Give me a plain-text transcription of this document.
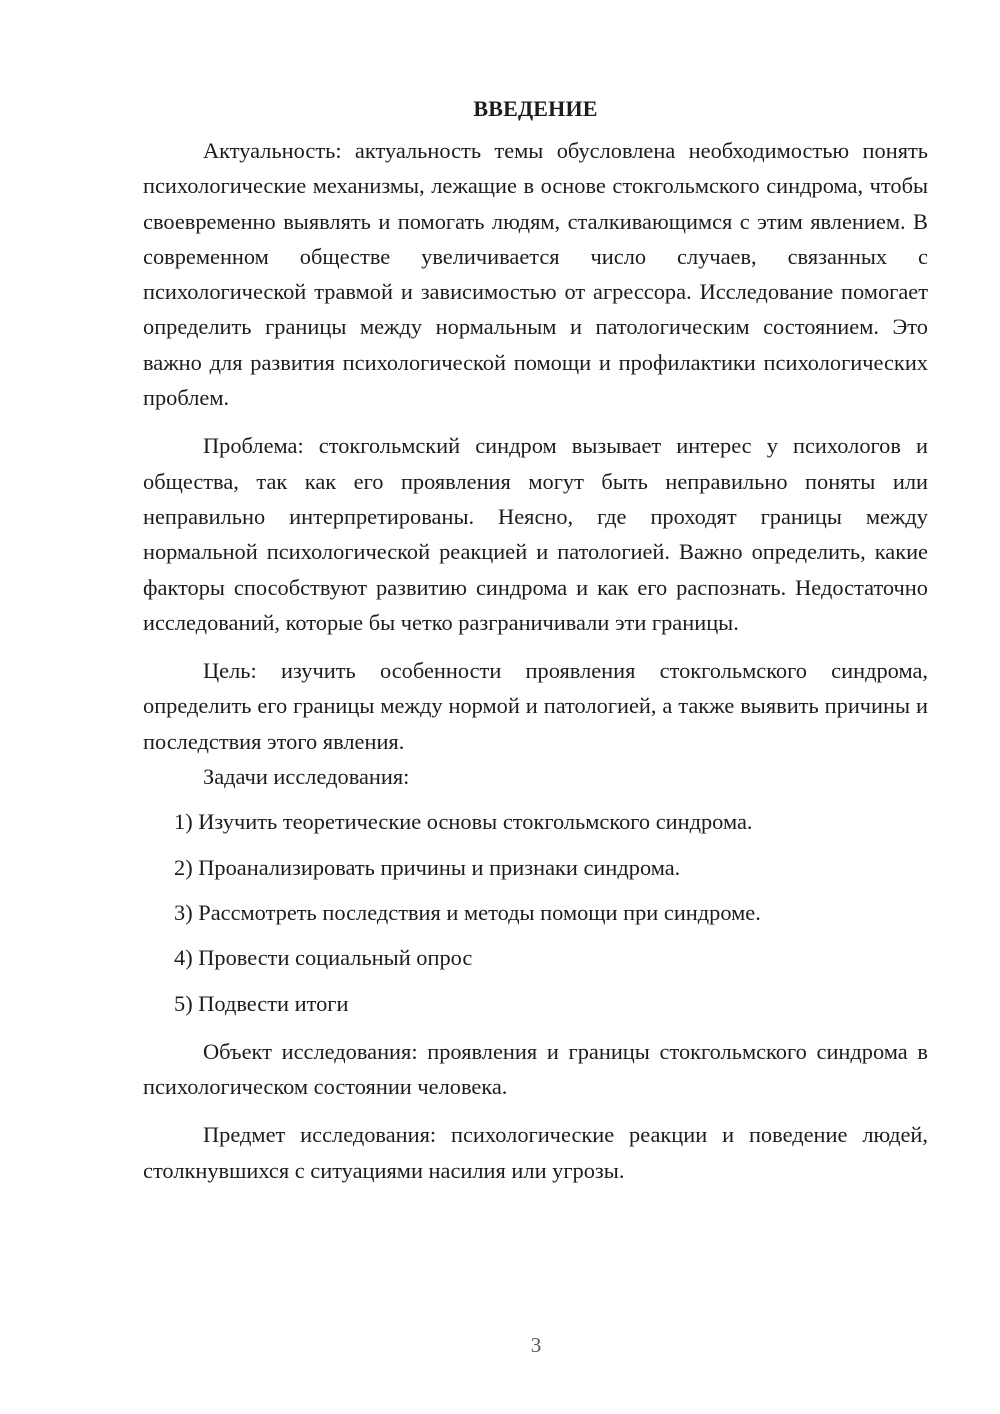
ВВЕДЕНИЕ

Актуальность: актуальность темы обусловлена необходимостью понять психологические механизмы, лежащие в основе стокгольмского синдрома, чтобы своевременно выявлять и помогать людям, сталкивающимся с этим явлением. В современном обществе увеличивается число случаев, связанных с психологической травмой и зависимостью от агрессора. Исследование помогает определить границы между нормальным и патологическим состоянием. Это важно для развития психологической помощи и профилактики психологических проблем.

Проблема: стокгольмский синдром вызывает интерес у психологов и общества, так как его проявления могут быть неправильно поняты или неправильно интерпретированы. Неясно, где проходят границы между нормальной психологической реакцией и патологией. Важно определить, какие факторы способствуют развитию синдрома и как его распознать. Недостаточно исследований, которые бы четко разграничивали эти границы.

Цель: изучить особенности проявления стокгольмского синдрома, определить его границы между нормой и патологией, а также выявить причины и последствия этого явления.

Задачи исследования:

1) Изучить теоретические основы стокгольмского синдрома.

2) Проанализировать причины и признаки синдрома.

3) Рассмотреть последствия и методы помощи при синдроме.

4) Провести социальный опрос

5) Подвести итоги

Объект исследования: проявления и границы стокгольмского синдрома в психологическом состоянии человека.

Предмет исследования: психологические реакции и поведение людей, столкнувшихся с ситуациями насилия или угрозы.

3
